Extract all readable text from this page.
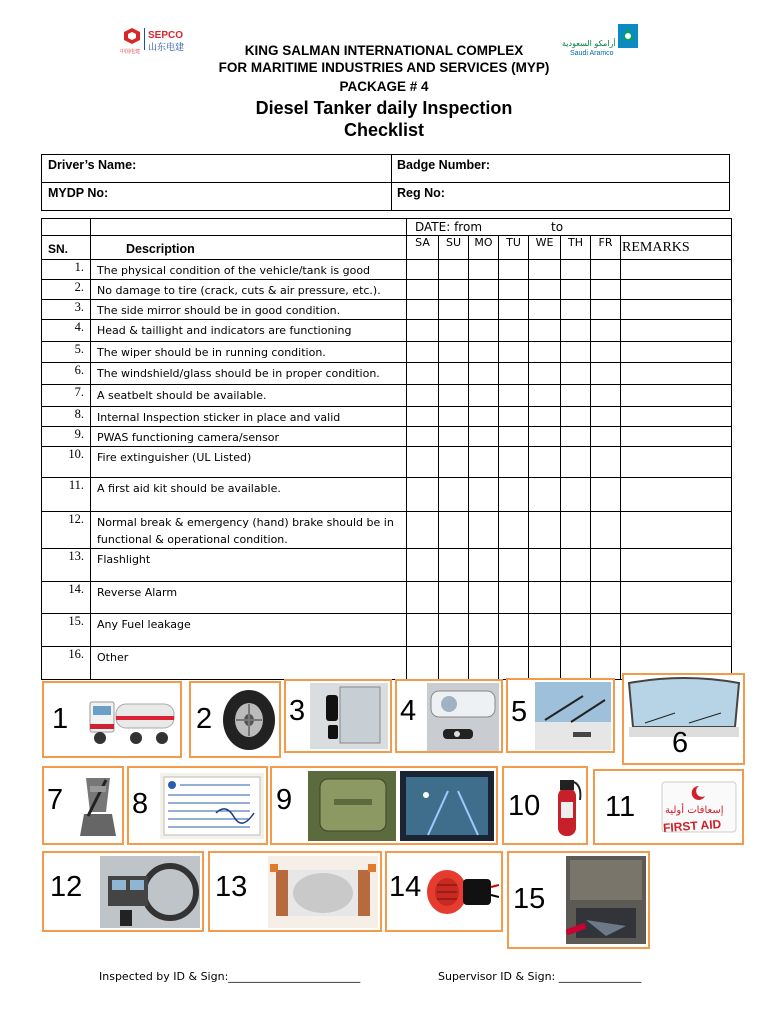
SEPCO
山东电建
中国电建
أرامكو السعودية
Saudi Aramco
KING SALMAN INTERNATIONAL COMPLEX
FOR MARITIME INDUSTRIES AND SERVICES (MYP)
PACKAGE # 4
Diesel Tanker daily Inspection
Checklist
Driver’s Name:	Badge Number:
MYDP No:	Reg No:

		DATE: from to							

SN.	Description	SA	SU	MO	TU	WE	TH	FR	REMARKS
1.	The physical condition of the vehicle/tank is good								
2.	No damage to tire (crack, cuts & air pressure, etc.).								
3.	The side mirror should be in good condition.								
4.	Head & taillight and indicators are functioning								
5.	The wiper should be in running condition.								
6.	The windshield/glass should be in proper condition.								
7.	A seatbelt should be available.								
8.	Internal Inspection sticker in place and valid								
9.	PWAS functioning camera/sensor								
10.	Fire extinguisher (UL Listed)								
11.	A first aid kit should be available.								
12.	Normal break & emergency (hand) brake should be in functional & operational condition.								
13.	Flashlight								
14.	Reverse Alarm								
15.	Any Fuel leakage								
16.	Other								
1	2	3	4	5
6
7 8	9	10 11	إسعافات أولية
FIRST AID
12	13	14	15
Inspected by ID & Sign:________________________	Supervisor ID & Sign: _______________
